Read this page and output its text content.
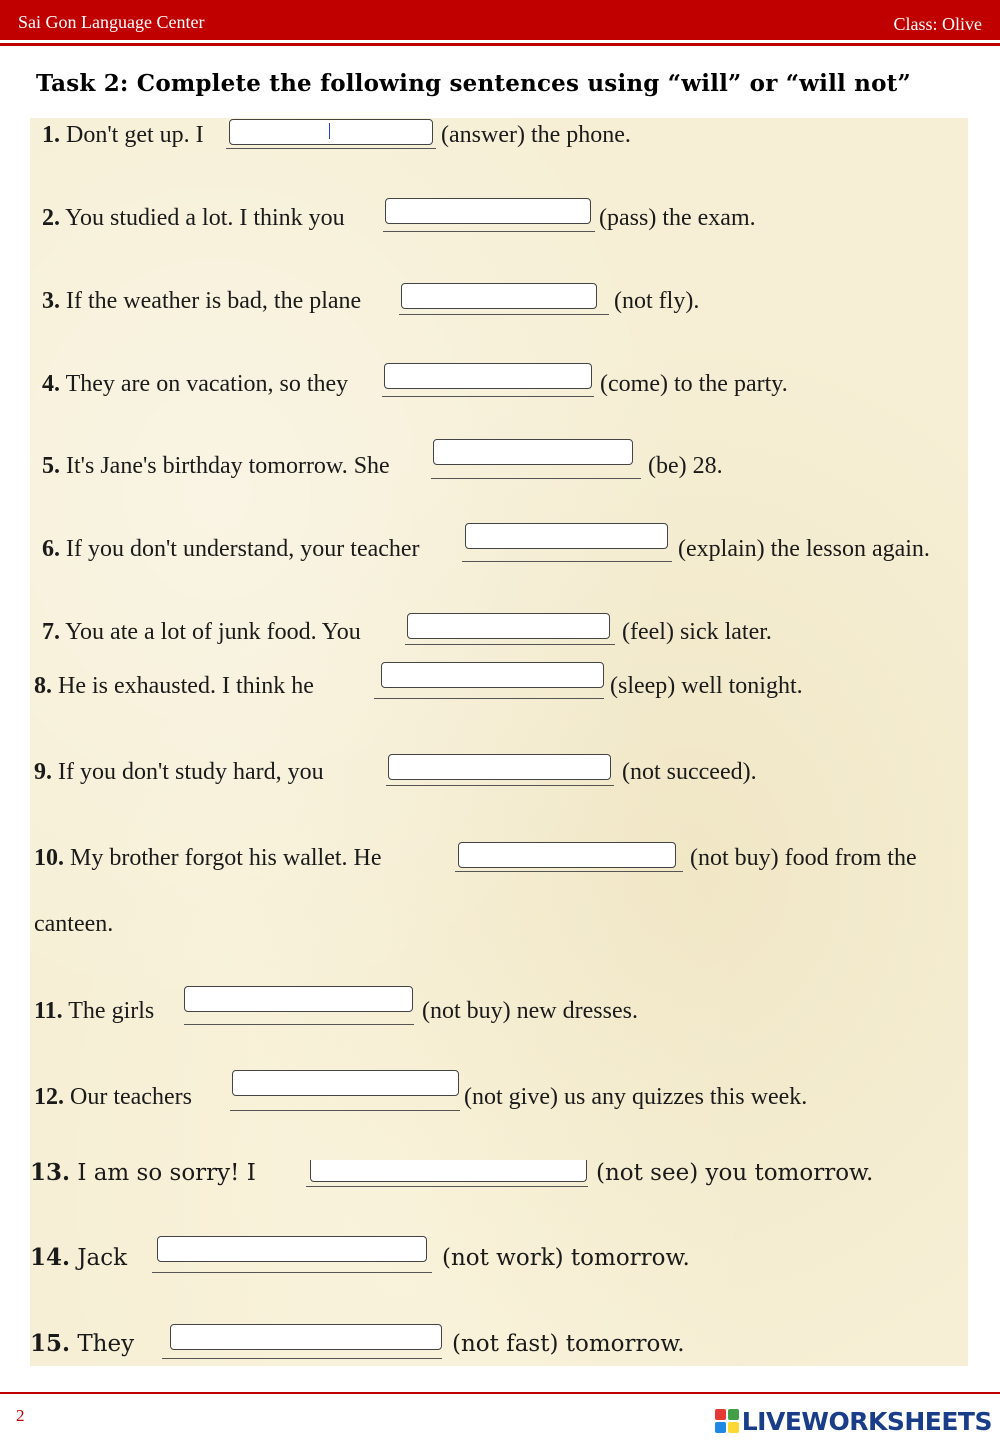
Sai Gon Language Center	Class: Olive
Task 2: Complete the following sentences using “will” or “will not”
1. Don't get up. I	(answer) the phone.
2. You studied a lot. I think you	(pass) the exam.
3. If the weather is bad, the plane	(not fly).
4. They are on vacation, so they	(come) to the party.
5. It's Jane's birthday tomorrow. She	(be) 28.
6. If you don't understand, your teacher	(explain) the lesson again.
7. You ate a lot of junk food. You	(feel) sick later.
8. He is exhausted. I think he	(sleep) well tonight.
9. If you don't study hard, you	(not succeed).
10. My brother forgot his wallet. He	(not buy) food from the
canteen.
11. The girls	(not buy) new dresses.
12. Our teachers	(not give) us any quizzes this week.
13. I am so sorry! I	(not see) you tomorrow.
14. Jack	(not work) tomorrow.
15. They	(not fast) tomorrow.
2	LIVEWORKSHEETS
